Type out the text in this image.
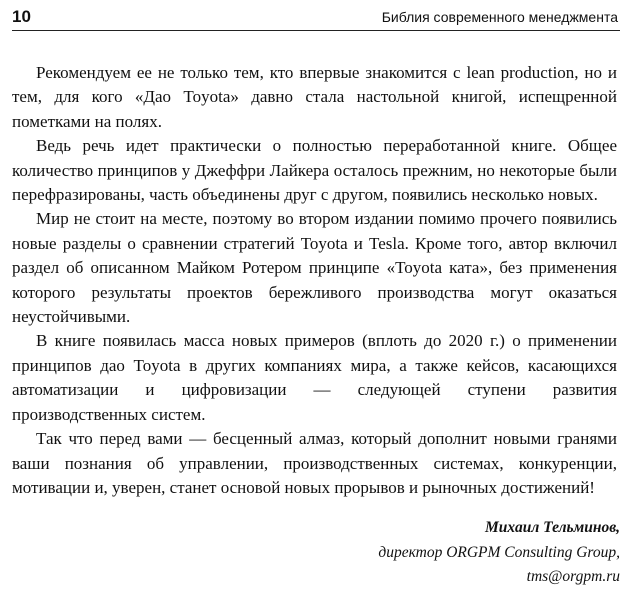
10	Библия современного менеджмента

Рекомендуем ее не только тем, кто впервые знакомится с lean production, но и тем, для кого «Дао Toyota» давно стала настольной книгой, испещренной пометками на полях.

Ведь речь идет практически о полностью переработанной книге. Общее количество принципов у Джеффри Лайкера осталось прежним, но некоторые были перефразированы, часть объединены друг с другом, появились несколько новых.

Мир не стоит на месте, поэтому во втором издании помимо прочего появились новые разделы о сравнении стратегий Toyota и Tesla. Кроме того, автор включил раздел об описанном Майком Ротером принципе «Toyota ката», без применения которого результаты проектов бережливого производства могут оказаться неустойчивыми.

В книге появилась масса новых примеров (вплоть до 2020 г.) о применении принципов дао Toyota в других компаниях мира, а также кейсов, касающихся автоматизации и цифровизации — следующей ступени развития производственных систем.

Так что перед вами — бесценный алмаз, который дополнит новыми гранями ваши познания об управлении, производственных системах, конкуренции, мотивации и, уверен, станет основой новых прорывов и рыночных достижений!

Михаил Тельминов,
директор ORGPM Consulting Group,
tms@orgpm.ru
